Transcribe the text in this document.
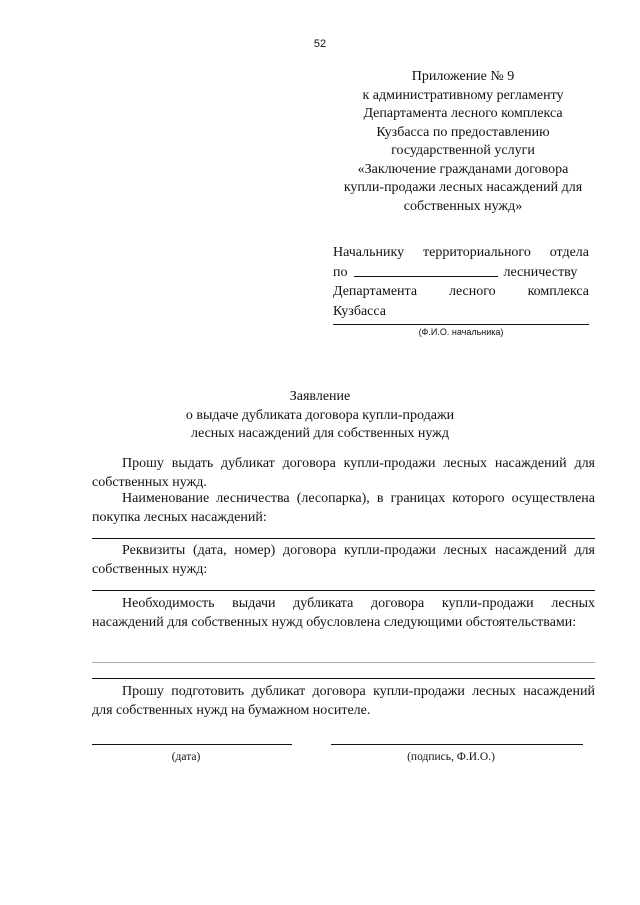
52
Приложение № 9
к административному регламенту
Департамента лесного комплекса
Кузбасса по предоставлению
государственной услуги
«Заключение гражданами договора
купли-продажи лесных насаждений для
собственных нужд»
Начальнику территориального отдела
по	лесничеству
Департамента лесного комплекса
Кузбасса
(Ф.И.О. начальника)
Заявление
о выдаче дубликата договора купли-продажи
лесных насаждений для собственных нужд
Прошу выдать дубликат договора купли-продажи лесных насаждений для собственных нужд.
Наименование лесничества (лесопарка), в границах которого осуществлена покупка лесных насаждений:
Реквизиты (дата, номер) договора купли-продажи лесных насаждений для собственных нужд:
Необходимость выдачи дубликата договора купли-продажи лесных насаждений для собственных нужд обусловлена следующими обстоятельствами:
Прошу подготовить дубликат договора купли-продажи лесных насаждений для собственных нужд на бумажном носителе.
(дата)	(подпись, Ф.И.О.)
